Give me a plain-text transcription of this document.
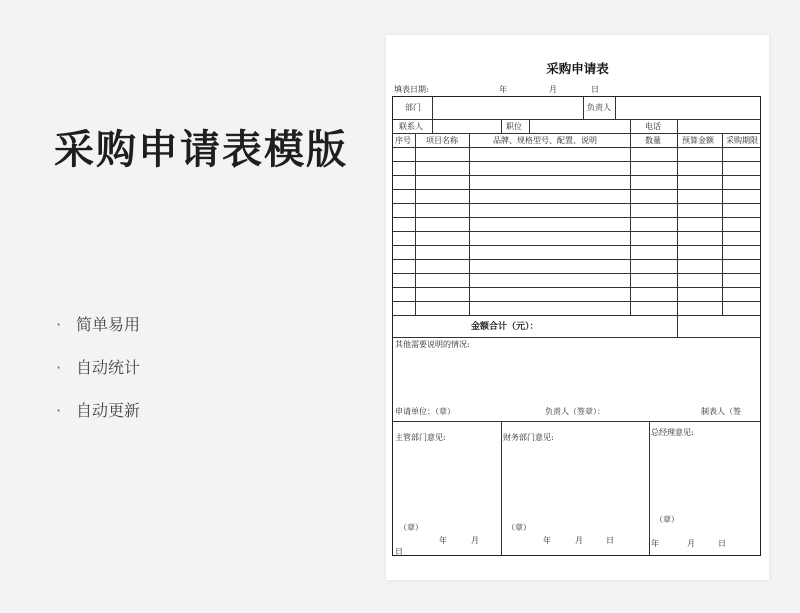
采购申请表模版
· 简单易用
· 自动统计
· 自动更新
采购申请表
填表日期:	年	月	日
部门	负责人
联系人	职位	电话
序号 项目名称	品牌、规格型号、配置、说明	数量	预算金额 采购期限
金额合计（元）：
其他需要说明的情况:
申请单位：（章）	负责人（签章）：	制表人（签
主管部门意见:	财务部门意见:
总经理意见:
（章）
年	月
日
（章）
年	月	日
（章）
年	月	日
